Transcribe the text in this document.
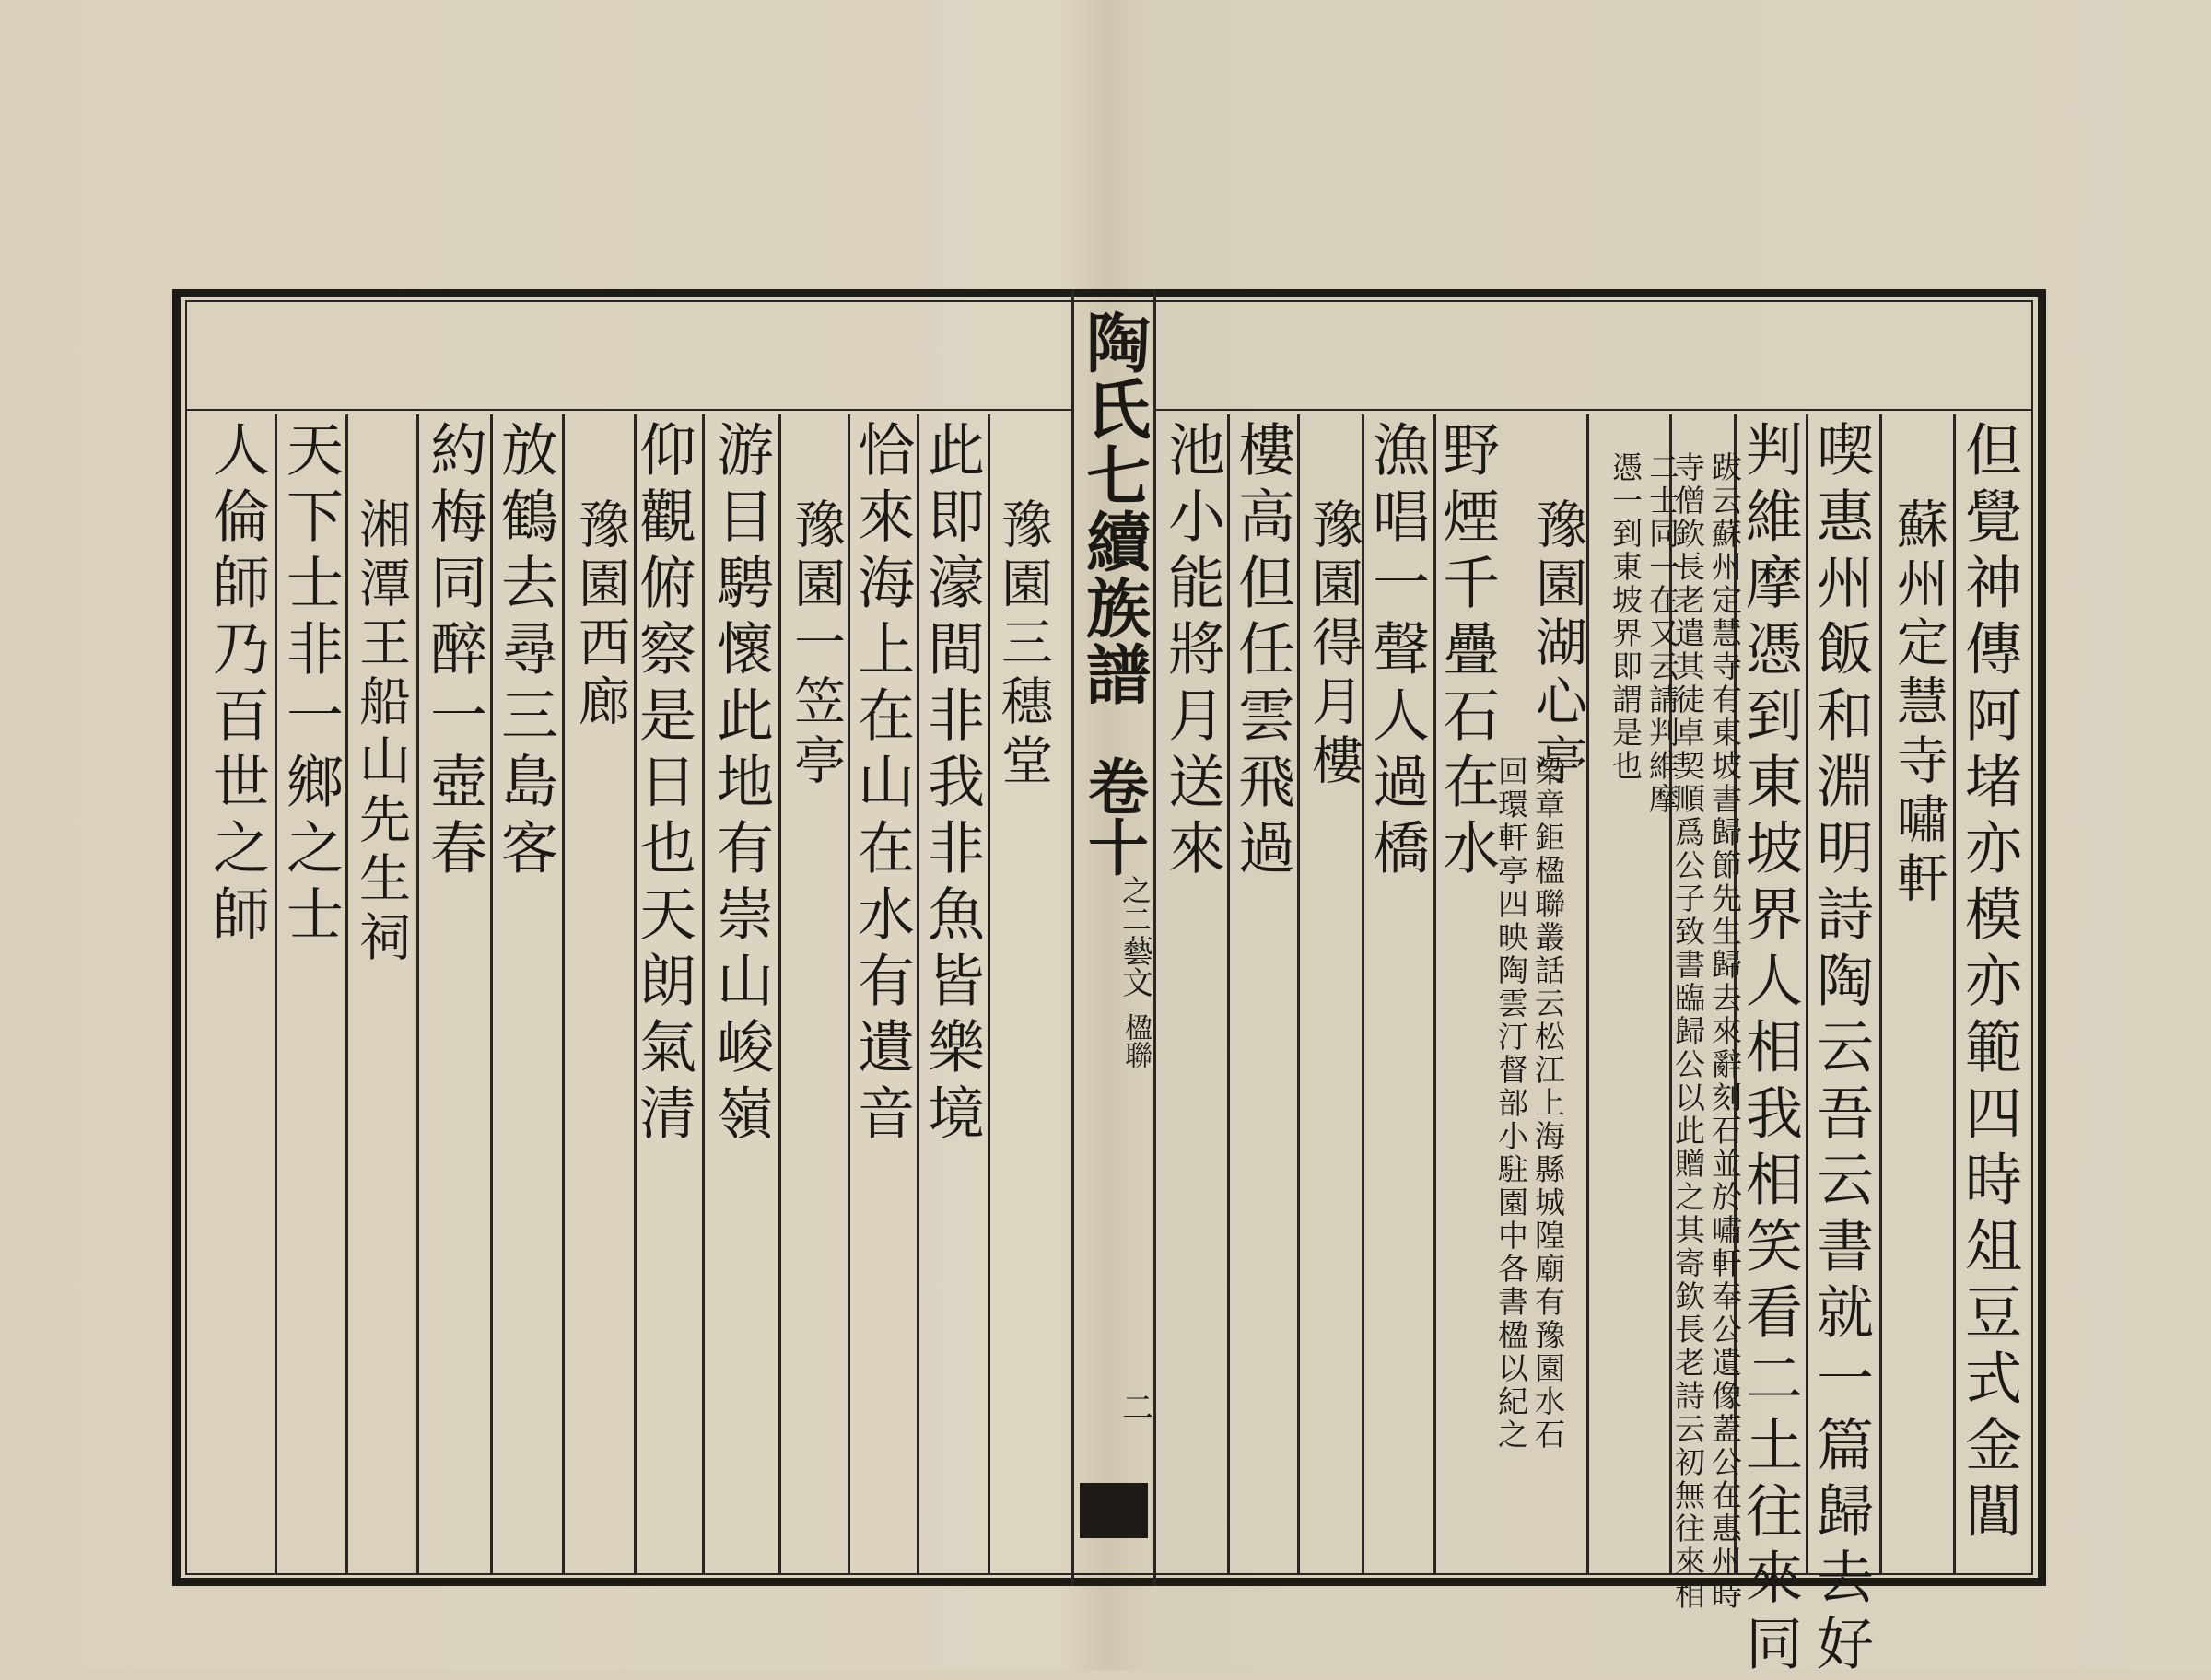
陶氏七續族譜
卷十
之二
藝文
楹聯
二	但覺神傳阿堵亦模亦範四時俎豆式金閶
蘇州定慧寺嘯軒
喫惠州飯和淵明詩陶云吾云書就一篇歸去好
判維摩憑到東坡界人相我相笑看二土往來同
跋云蘇州定慧寺有東坡書歸節先生歸去來辭刻石並於嘯軒奉公遺像蓋公在惠州時
寺僧欽長老遣其徒卓契順爲公子致書臨歸公以此贈之其寄欽長老詩云初無往來相
二士同一在又云請判維摩
憑一到東坡界即謂是也
豫園湖心亭
梁章鉅楹聯叢話云松江上海縣城隍廟有豫園水石
回環軒亭四映陶雲汀督部小駐園中各書楹以紀之
野煙千疊石在水
漁唱一聲人過橋
豫園得月樓
樓高但任雲飛過
池小能將月送來
豫園三穗堂
此即濠間非我非魚皆樂境
恰來海上在山在水有遺音
豫園一笠亭
游目騁懷此地有崇山峻嶺
仰觀俯察是日也天朗氣清
豫園西廊
放鶴去尋三島客
約梅同醉一壺春
湘潭王船山先生祠
天下士非一鄉之士
人倫師乃百世之師
